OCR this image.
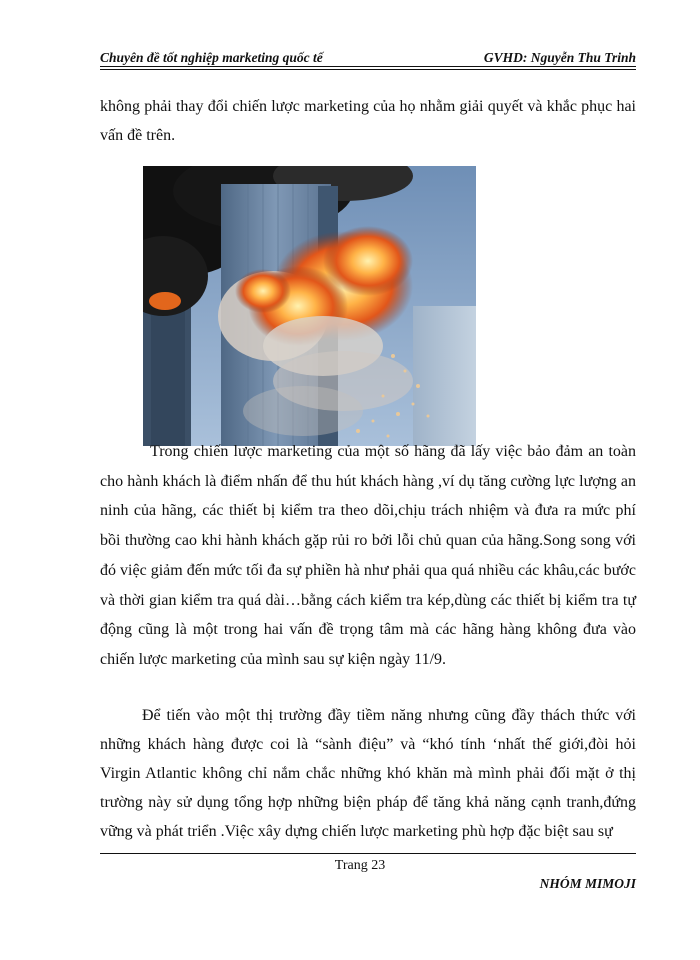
Chuyên đề tốt nghiệp marketing quốc tế	GVHD: Nguyễn Thu Trinh

không phải thay đổi chiến lược marketing của họ nhằm giải quyết và khắc phục hai vấn đề trên.

Trong chiến lược marketing của một số hãng đã lấy việc bảo đảm an toàn cho hành khách là điểm nhấn để thu hút khách hàng ,ví dụ tăng cường lực lượng an ninh của hãng, các thiết bị kiểm tra theo dõi,chịu trách nhiệm và đưa ra mức phí bồi thường cao khi hành khách gặp rủi ro bởi lỗi chủ quan của hãng.Song song với đó việc giảm đến mức tối đa sự phiền hà như phải qua quá nhiều các khâu,các bước và thời gian kiểm tra quá dài…bằng cách kiểm tra kép,dùng các thiết bị kiểm tra tự động cũng là một trong hai vấn đề trọng tâm mà các hãng hàng không đưa vào chiến lược marketing của mình sau sự kiện ngày 11/9.

Để tiến vào một thị trường đầy tiềm năng nhưng cũng đầy thách thức với những khách hàng được coi là “sành điệu” và “khó tính ‘nhất thế giới,đòi hỏi Virgin Atlantic không chỉ nắm chắc những khó khăn mà mình phải đối mặt ở thị trường này sử dụng tổng hợp những biện pháp để tăng khả năng cạnh tranh,đứng vững và phát triển .Việc xây dựng chiến lược marketing phù hợp đặc biệt sau sự

Trang 23
NHÓM MIMOJI
